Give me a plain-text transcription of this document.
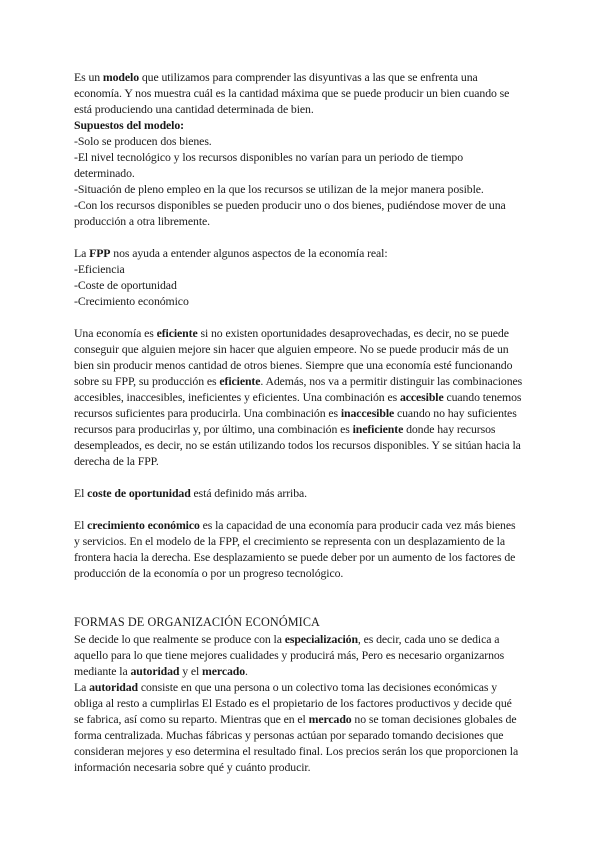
Es un modelo que utilizamos para comprender las disyuntivas a las que se enfrenta una economía. Y nos muestra cuál es la cantidad máxima que se puede producir un bien cuando se está produciendo una cantidad determinada de bien.

Supuestos del modelo:

-Solo se producen dos bienes.

-El nivel tecnológico y los recursos disponibles no varían para un periodo de tiempo determinado.

-Situación de pleno empleo en la que los recursos se utilizan de la mejor manera posible.

-Con los recursos disponibles se pueden producir uno o dos bienes, pudiéndose mover de una producción a otra libremente.

La FPP nos ayuda a entender algunos aspectos de la economía real:

-Eficiencia

-Coste de oportunidad

-Crecimiento económico

Una economía es eficiente si no existen oportunidades desaprovechadas, es decir, no se puede conseguir que alguien mejore sin hacer que alguien empeore. No se puede producir más de un bien sin producir menos cantidad de otros bienes. Siempre que una economía esté funcionando sobre su FPP, su producción es eficiente. Además, nos va a permitir distinguir las combinaciones accesibles, inaccesibles, ineficientes y eficientes. Una combinación es accesible cuando tenemos recursos suficientes para producirla. Una combinación es inaccesible cuando no hay suficientes recursos para producirlas y, por último, una combinación es ineficiente donde hay recursos desempleados, es decir, no se están utilizando todos los recursos disponibles. Y se sitúan hacia la derecha de la FPP.

El coste de oportunidad está definido más arriba.

El crecimiento económico es la capacidad de una economía para producir cada vez más bienes y servicios. En el modelo de la FPP, el crecimiento se representa con un desplazamiento de la frontera hacia la derecha. Ese desplazamiento se puede deber por un aumento de los factores de producción de la economía o por un progreso tecnológico.

FORMAS DE ORGANIZACIÓN ECONÓMICA

Se decide lo que realmente se produce con la especialización, es decir, cada uno se dedica a aquello para lo que tiene mejores cualidades y producirá más, Pero es necesario organizarnos mediante la autoridad y el mercado.

La autoridad consiste en que una persona o un colectivo toma las decisiones económicas y obliga al resto a cumplirlas El Estado es el propietario de los factores productivos y decide qué se fabrica, así como su reparto. Mientras que en el mercado no se toman decisiones globales de forma centralizada. Muchas fábricas y personas actúan por separado tomando decisiones que consideran mejores y eso determina el resultado final. Los precios serán los que proporcionen la información necesaria sobre qué y cuánto producir.
